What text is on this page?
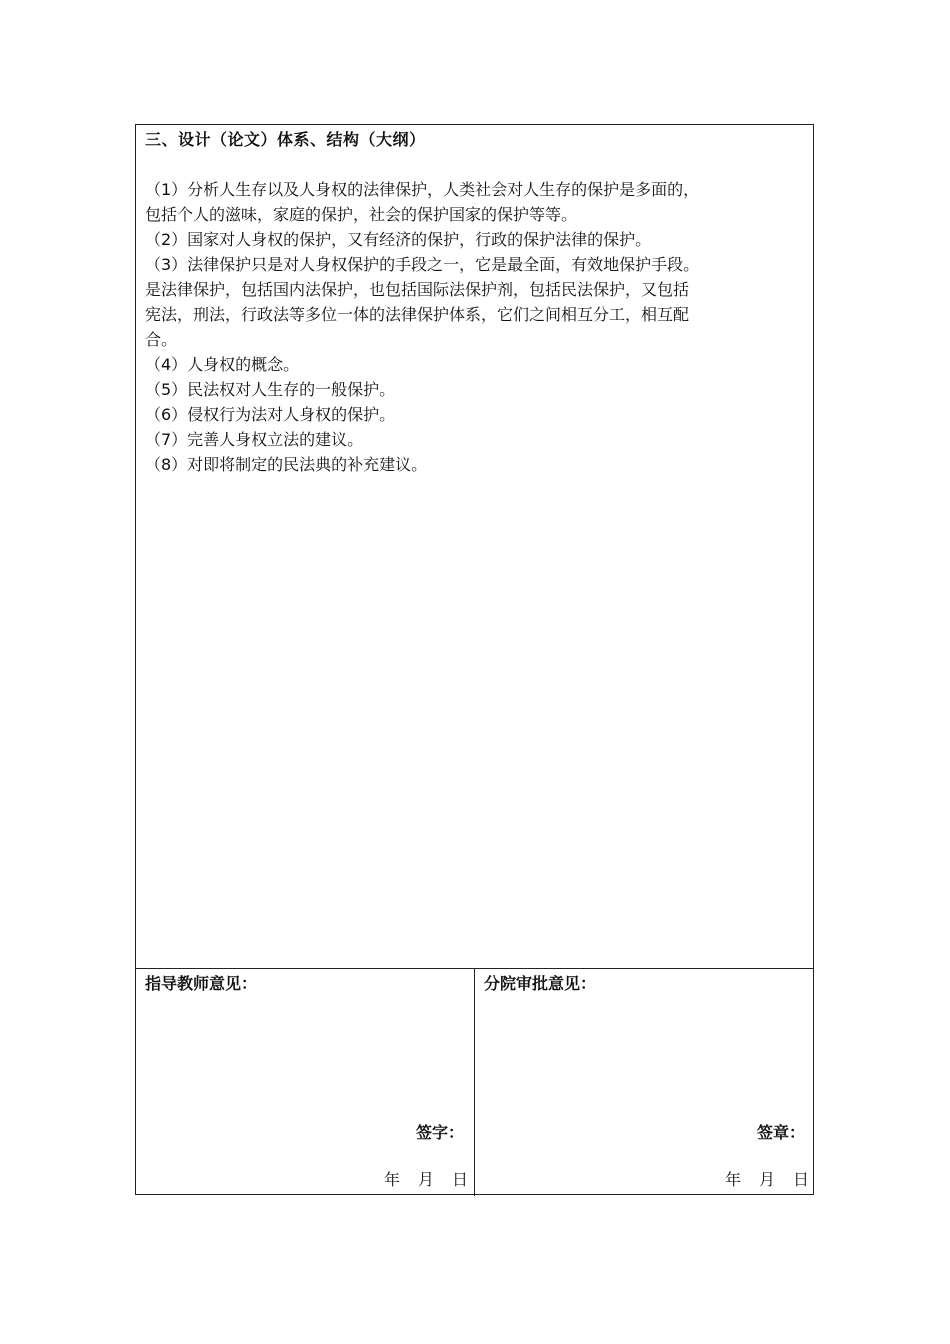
三、设计（论文）体系、结构（大纲）

（1）分析人生存以及人身权的法律保护，人类社会对人生存的保护是多面的，

包括个人的滋味，家庭的保护，社会的保护国家的保护等等。

（2）国家对人身权的保护，又有经济的保护，行政的保护法律的保护。

（3）法律保护只是对人身权保护的手段之一，它是最全面，有效地保护手段。

是法律保护，包括国内法保护，也包括国际法保护剂，包括民法保护，又包括

宪法，刑法，行政法等多位一体的法律保护体系，它们之间相互分工，相互配

合。

（4）人身权的概念。

（5）民法权对人生存的一般保护。

（6）侵权行为法对人身权的保护。

（7）完善人身权立法的建议。

（8）对即将制定的民法典的补充建议。

指导教师意见：
签字：
年 月 日
分院审批意见：
签章：
年 月 日
